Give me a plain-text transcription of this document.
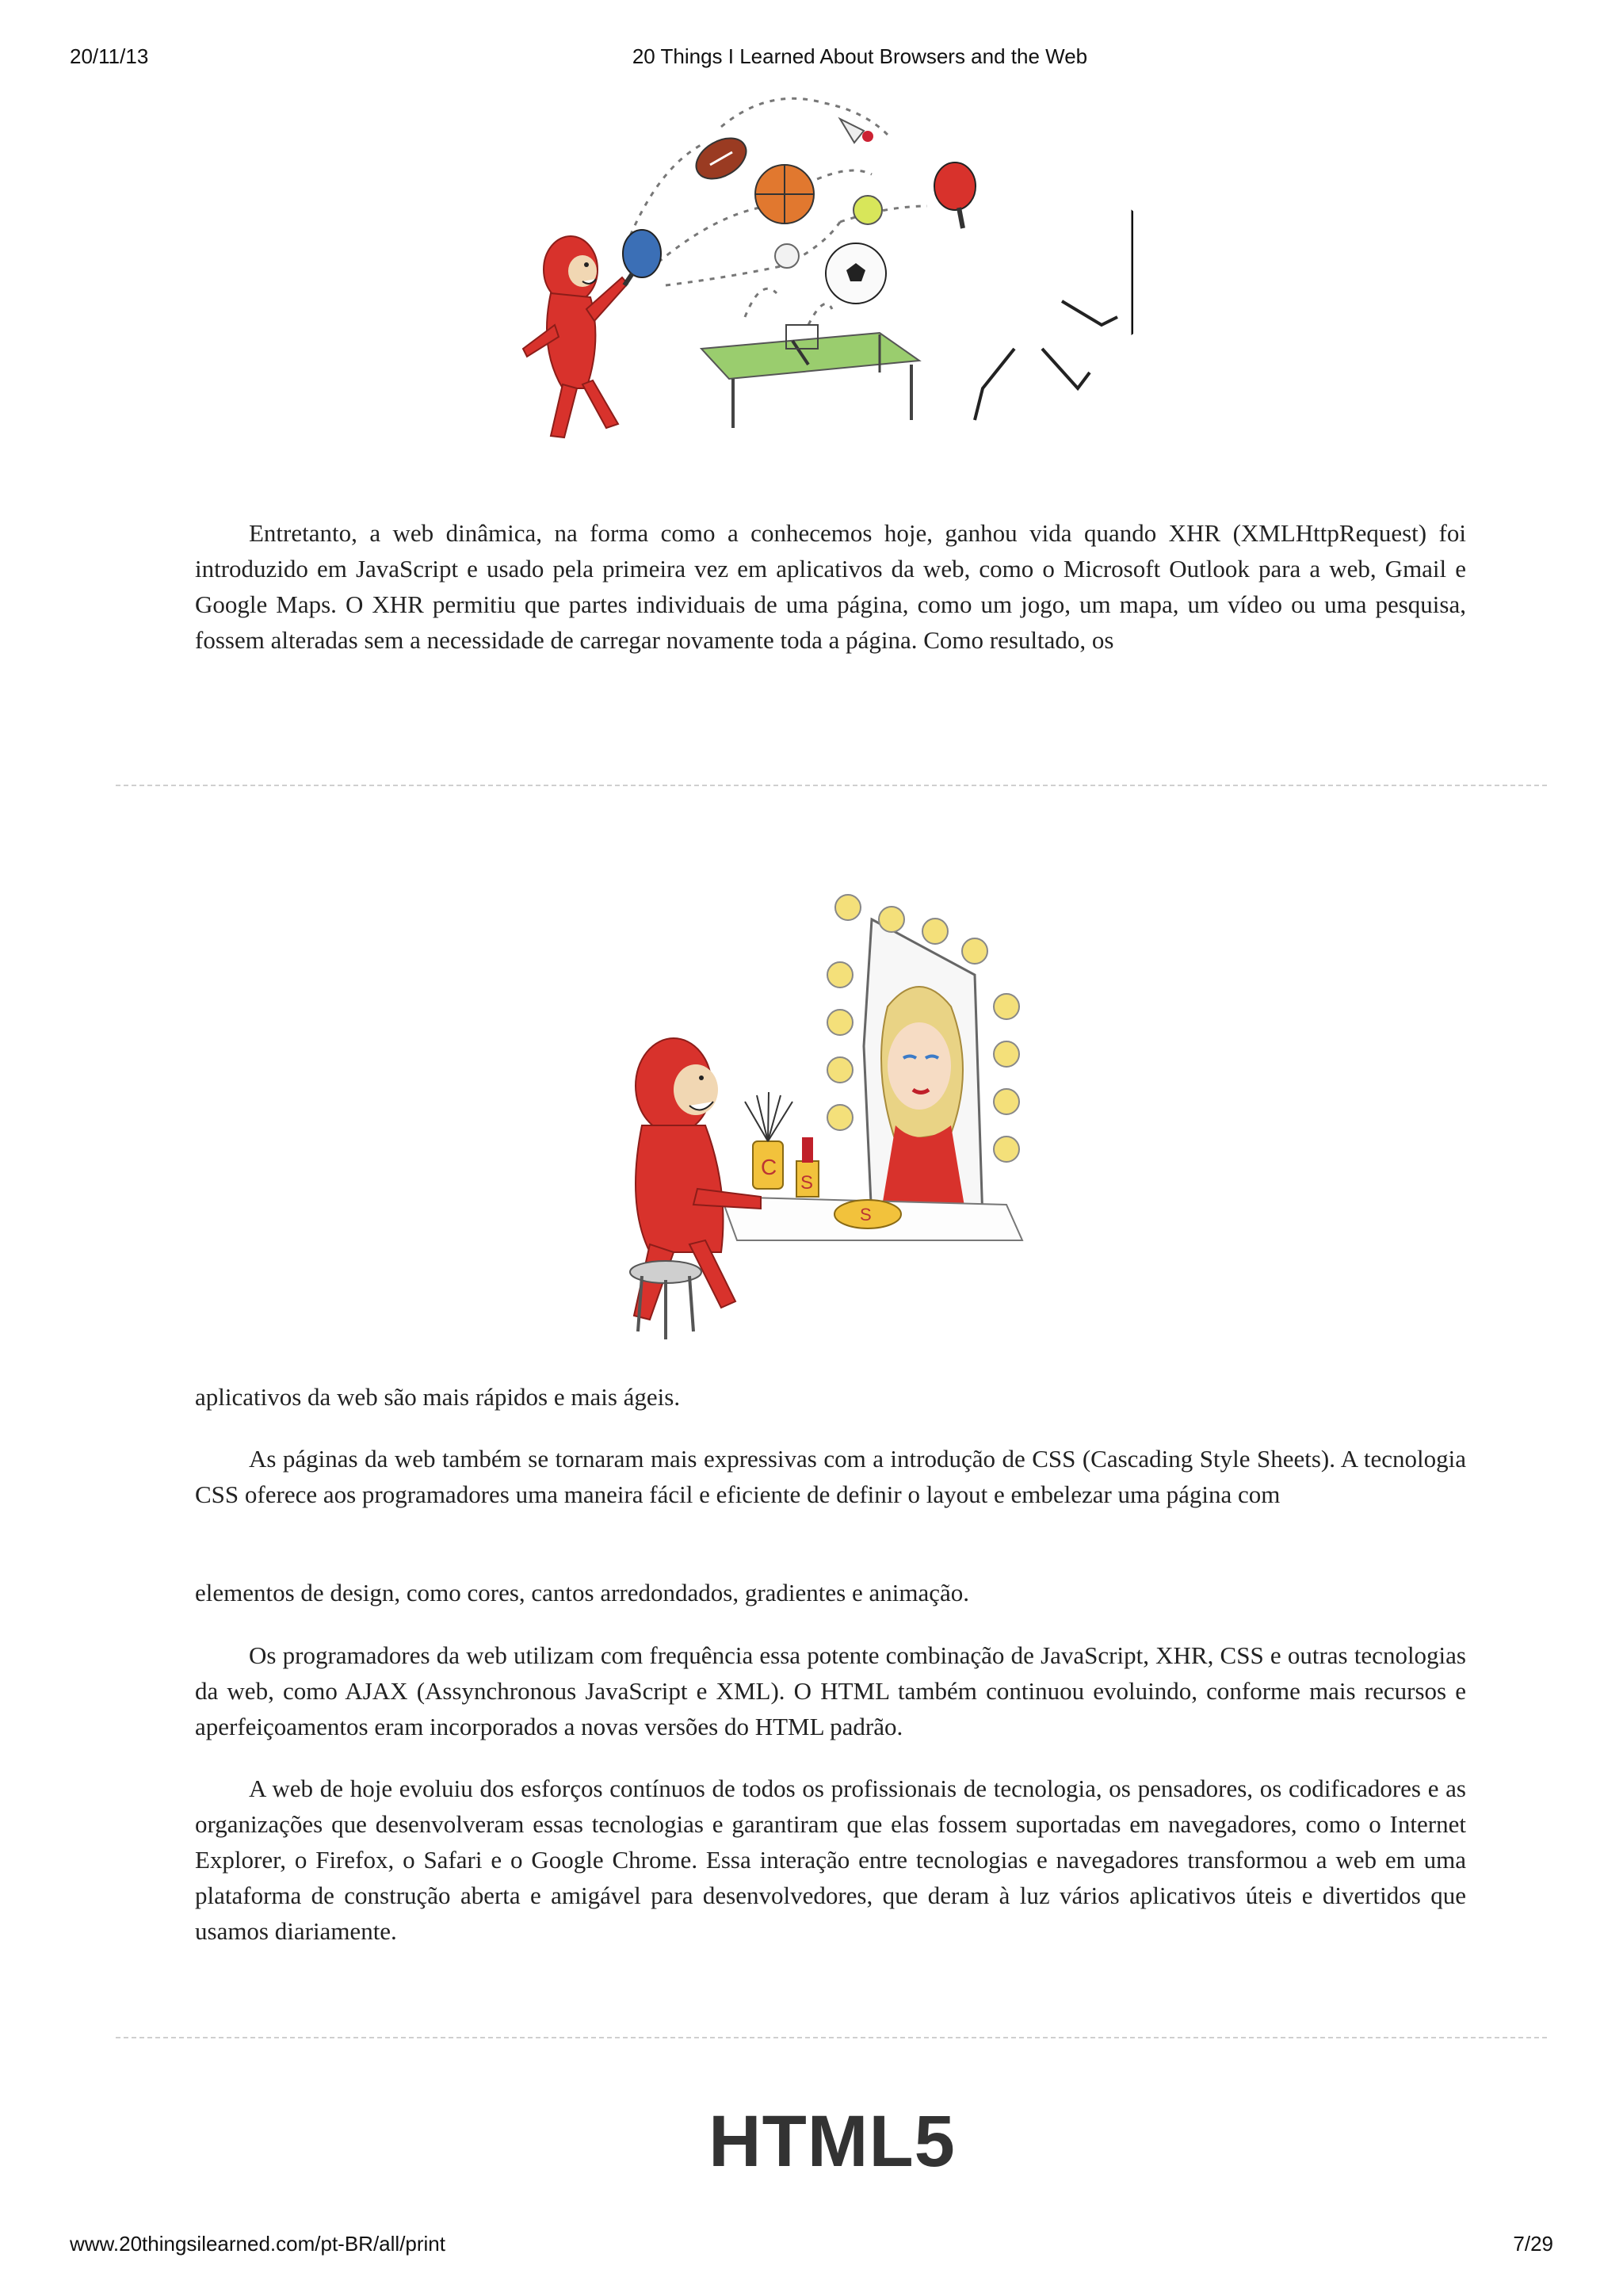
20/11/13	20 Things I Learned About Browsers and the Web

Entretanto, a web dinâmica, na forma como a conhecemos hoje, ganhou vida quando XHR (XMLHttpRequest) foi introduzido em JavaScript e usado pela primeira vez em aplicativos da web, como o Microsoft Outlook para a web, Gmail e Google Maps. O XHR permitiu que partes individuais de uma página, como um jogo, um mapa, um vídeo ou uma pesquisa, fossem alteradas sem a necessidade de carregar novamente toda a página. Como resultado, os

C
S
S

aplicativos da web são mais rápidos e mais ágeis.

As páginas da web também se tornaram mais expressivas com a introdução de CSS (Cascading Style Sheets). A tecnologia CSS oferece aos programadores uma maneira fácil e eficiente de definir o layout e embelezar uma página com

elementos de design, como cores, cantos arredondados, gradientes e animação.

Os programadores da web utilizam com frequência essa potente combinação de JavaScript, XHR, CSS e outras tecnologias da web, como AJAX (Assynchronous JavaScript e XML). O HTML também continuou evoluindo, conforme mais recursos e aperfeiçoamentos eram incorporados a novas versões do HTML padrão.

A web de hoje evoluiu dos esforços contínuos de todos os profissionais de tecnologia, os pensadores, os codificadores e as organizações que desenvolveram essas tecnologias e garantiram que elas fossem suportadas em navegadores, como o Internet Explorer, o Firefox, o Safari e o Google Chrome. Essa interação entre tecnologias e navegadores transformou a web em uma plataforma de construção aberta e amigável para desenvolvedores, que deram à luz vários aplicativos úteis e divertidos que usamos diariamente.

HTML5
www.20thingsilearned.com/pt-BR/all/print	7/29
